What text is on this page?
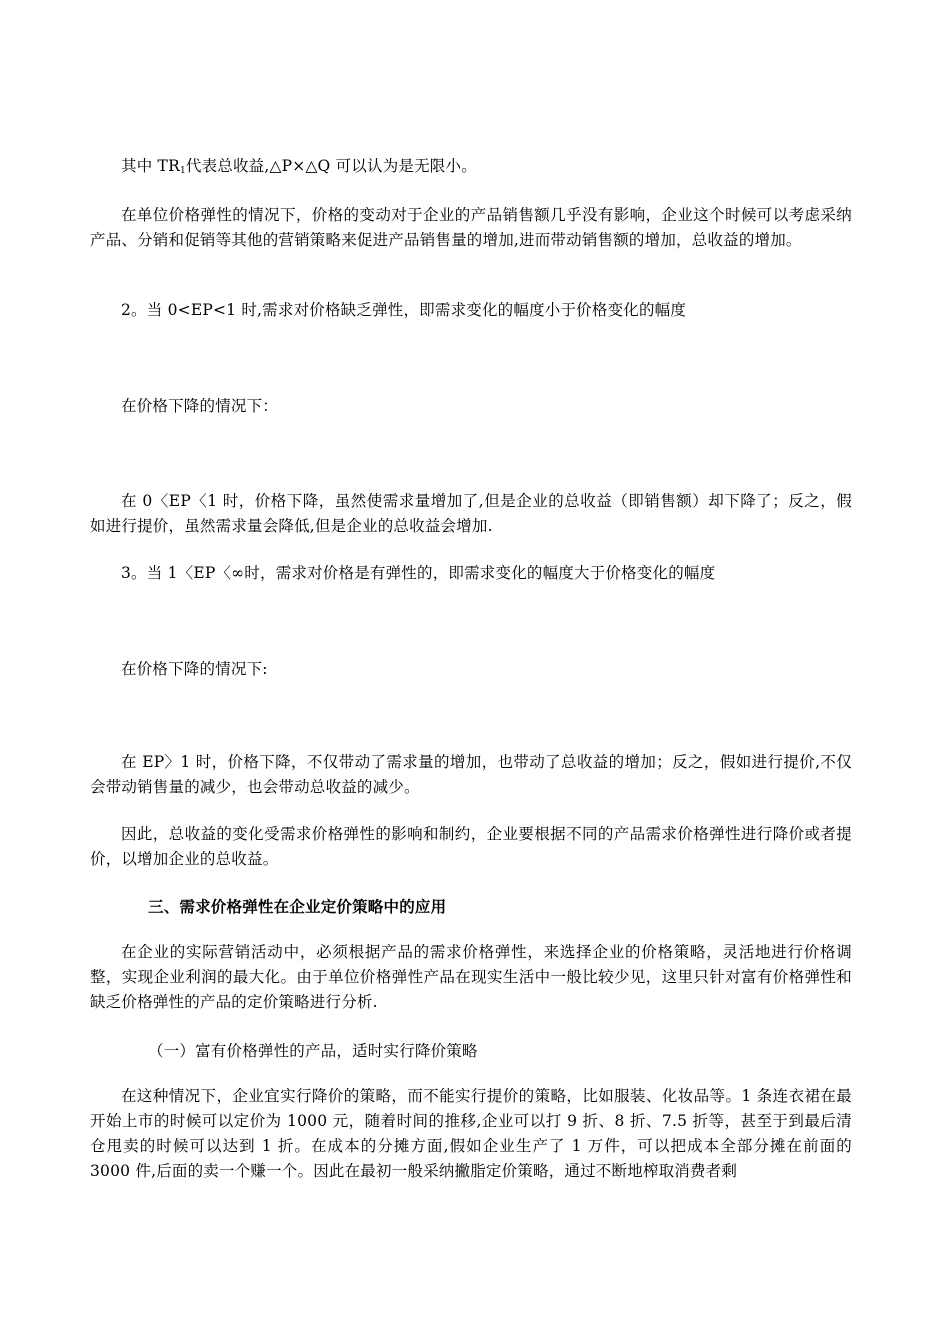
其中 $TR_1$代表总收益,△P×△Q 可以认为是无限小。

在单位价格弹性的情况下，价格的变动对于企业的产品销售额几乎没有影响，企业这个时候可以考虑采纳产品、分销和促销等其他的营销策略来促进产品销售量的增加,进而带动销售额的增加，总收益的增加。

2。当 0<EP<1 时,需求对价格缺乏弹性，即需求变化的幅度小于价格变化的幅度

在价格下降的情况下：

在 0〈EP〈1 时，价格下降，虽然使需求量增加了,但是企业的总收益（即销售额）却下降了；反之，假如进行提价，虽然需求量会降低,但是企业的总收益会增加.

3。当 1〈EP〈∞时，需求对价格是有弹性的，即需求变化的幅度大于价格变化的幅度

在价格下降的情况下:

在 EP〉1 时，价格下降，不仅带动了需求量的增加，也带动了总收益的增加；反之，假如进行提价,不仅会带动销售量的减少，也会带动总收益的减少。

因此，总收益的变化受需求价格弹性的影响和制约，企业要根据不同的产品需求价格弹性进行降价或者提价，以增加企业的总收益。

三、需求价格弹性在企业定价策略中的应用

在企业的实际营销活动中，必须根据产品的需求价格弹性，来选择企业的价格策略，灵活地进行价格调整，实现企业利润的最大化。由于单位价格弹性产品在现实生活中一般比较少见，这里只针对富有价格弹性和缺乏价格弹性的产品的定价策略进行分析.

（一）富有价格弹性的产品，适时实行降价策略

在这种情况下，企业宜实行降价的策略，而不能实行提价的策略，比如服装、化妆品等。1 条连衣裙在最开始上市的时候可以定价为 1000 元，随着时间的推移,企业可以打 9 折、8 折、7.5 折等，甚至于到最后清仓甩卖的时候可以达到 1 折。在成本的分摊方面,假如企业生产了 1 万件，可以把成本全部分摊在前面的 3000 件,后面的卖一个赚一个。因此在最初一般采纳撇脂定价策略，通过不断地榨取消费者剩
